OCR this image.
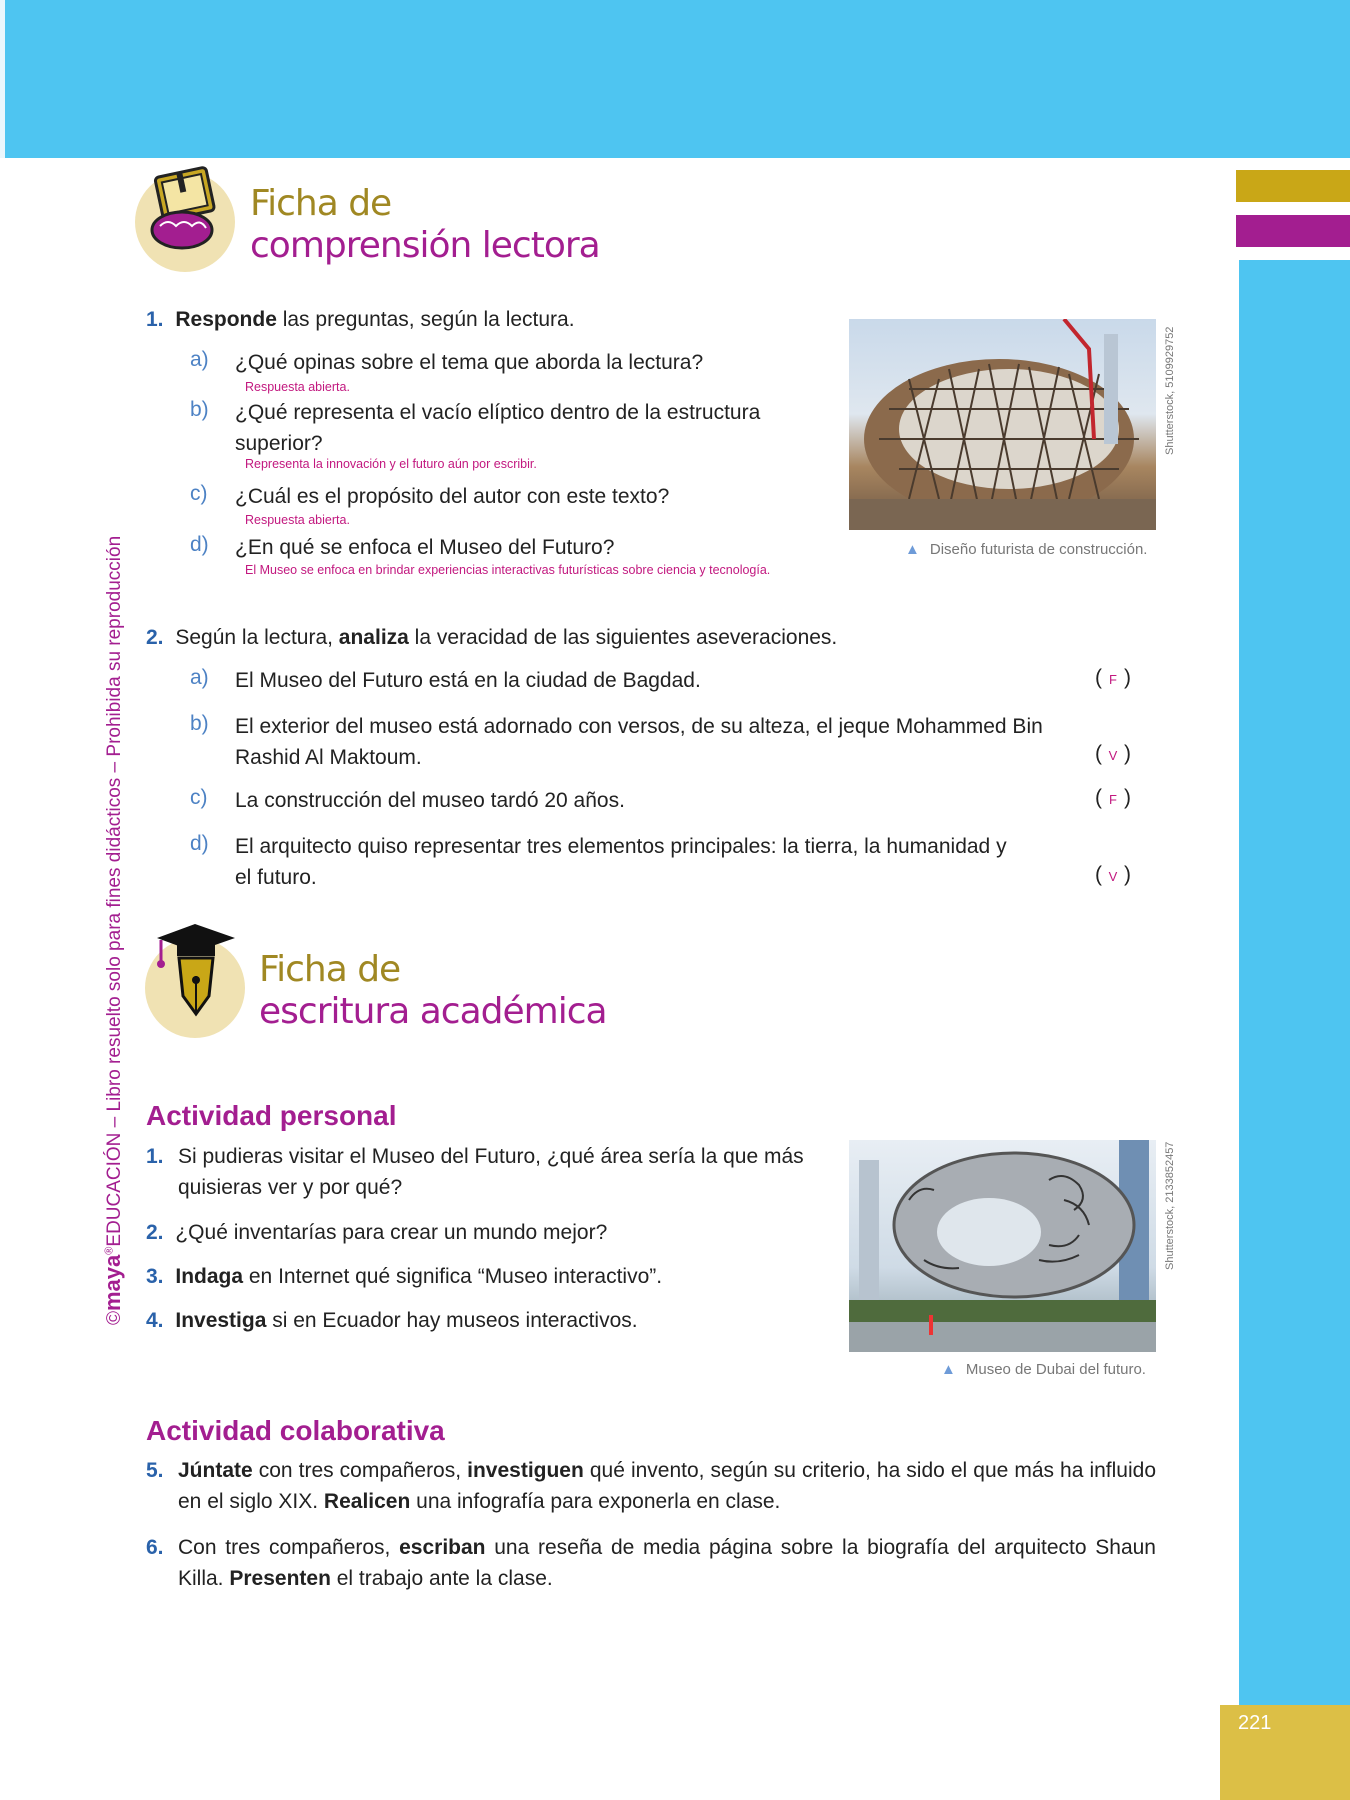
221
©maya®EDUCACIÓN – Libro resuelto solo para fines didácticos – Prohibida su reproducción
Ficha de
comprensión lectora
1. Responde las preguntas, según la lectura.
a) ¿Qué opinas sobre el tema que aborda la lectura?
Respuesta abierta.
b) ¿Qué representa el vacío elíptico dentro de la estructura superior?
Representa la innovación y el futuro aún por escribir.
c) ¿Cuál es el propósito del autor con este texto?
Respuesta abierta.
d) ¿En qué se enfoca el Museo del Futuro?
El Museo se enfoca en brindar experiencias interactivas futurísticas sobre ciencia y tecnología.
Shutterstock, 5109929752
▲ Diseño futurista de construcción.
2. Según la lectura, analiza la veracidad de las siguientes aseveraciones.
a) El Museo del Futuro está en la ciudad de Bagdad.	( F )
b) El exterior del museo está adornado con versos, de su alteza, el jeque Mohammed Bin Rashid Al Maktoum.	( V )
c) La construcción del museo tardó 20 años.	( F )
d) El arquitecto quiso representar tres elementos principales: la tierra, la humanidad y el futuro.	( V )
Ficha de
escritura académica
Actividad personal
1. Si pudieras visitar el Museo del Futuro, ¿qué área sería la que más quisieras ver y por qué?
2. ¿Qué inventarías para crear un mundo mejor?
3. Indaga en Internet qué significa “Museo interactivo”.
4. Investiga si en Ecuador hay museos interactivos.
Shutterstock, 2133852457
▲ Museo de Dubai del futuro.
Actividad colaborativa
5. Júntate con tres compañeros, investiguen qué invento, según su criterio, ha sido el que más ha influido en el siglo XIX. Realicen una infografía para exponerla en clase.
6. Con tres compañeros, escriban una reseña de media página sobre la biografía del arquitecto Shaun Killa. Presenten el trabajo ante la clase.
